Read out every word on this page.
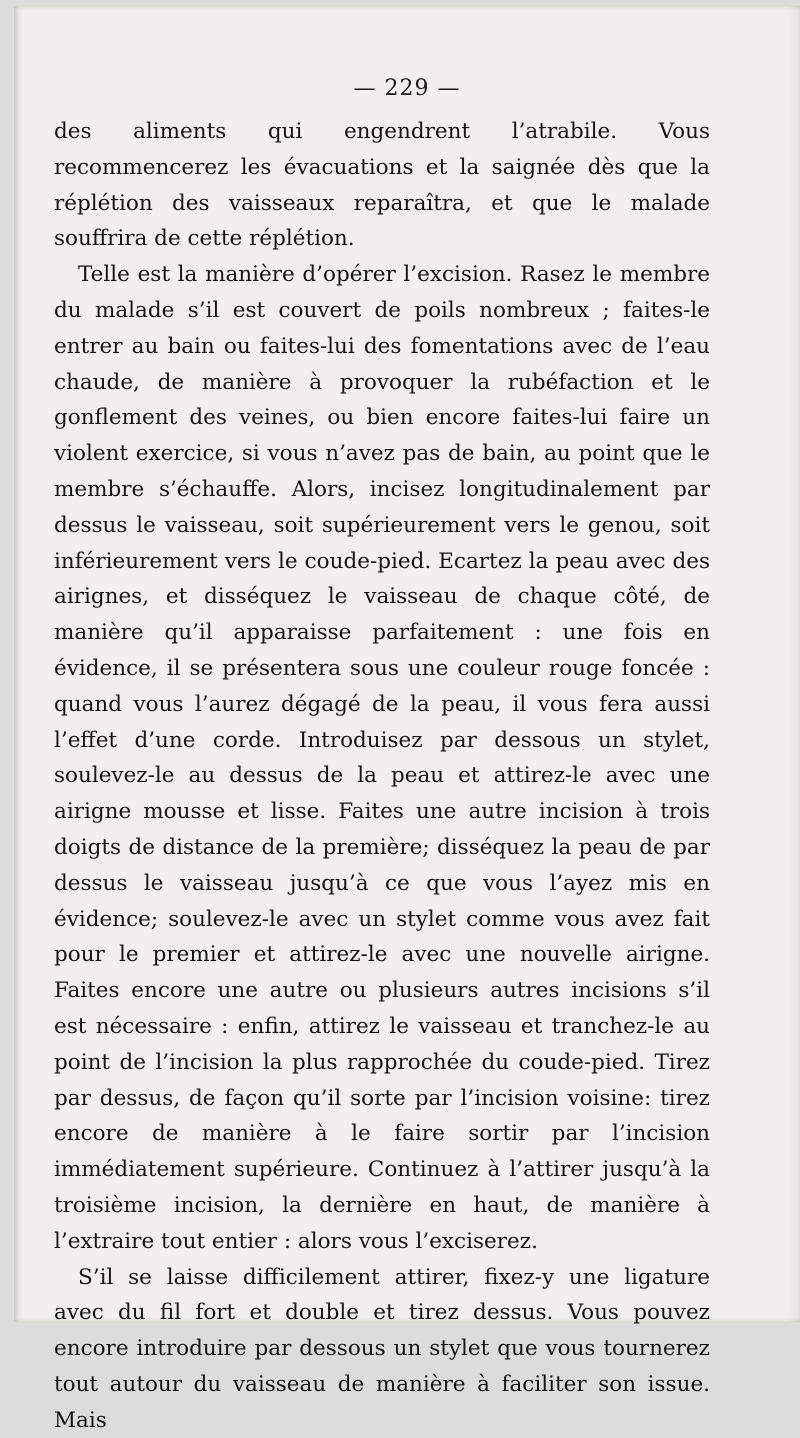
— 229 —

des aliments qui engendrent l’atrabile. Vous recommencerez les évacuations et la saignée dès que la réplétion des vaisseaux reparaîtra, et que le malade souffrira de cette réplétion.

Telle est la manière d’opérer l’excision. Rasez le membre du malade s’il est couvert de poils nombreux ; faites-le entrer au bain ou faites-lui des fomentations avec de l’eau chaude, de manière à provoquer la rubéfaction et le gonflement des veines, ou bien encore faites-lui faire un violent exercice, si vous n’avez pas de bain, au point que le membre s’échauffe. Alors, incisez longitudinalement par dessus le vaisseau, soit supérieurement vers le genou, soit inférieurement vers le coude-pied. Ecartez la peau avec des airignes, et disséquez le vaisseau de chaque côté, de manière qu’il apparaisse parfaitement : une fois en évidence, il se présentera sous une couleur rouge foncée : quand vous l’aurez dégagé de la peau, il vous fera aussi l’effet d’une corde. Introduisez par dessous un stylet, soulevez-le au dessus de la peau et attirez-le avec une airigne mousse et lisse. Faites une autre incision à trois doigts de distance de la première; disséquez la peau de par dessus le vaisseau jusqu’à ce que vous l’ayez mis en évidence; soulevez-le avec un stylet comme vous avez fait pour le premier et attirez-le avec une nouvelle airigne. Faites encore une autre ou plusieurs autres incisions s’il est nécessaire : enfin, attirez le vaisseau et tranchez-le au point de l’incision la plus rapprochée du coude-pied. Tirez par dessus, de façon qu’il sorte par l’incision voisine: tirez encore de manière à le faire sortir par l’incision immédiatement supérieure. Continuez à l’attirer jusqu’à la troisième incision, la dernière en haut, de manière à l’extraire tout entier : alors vous l’exciserez.

S’il se laisse difficilement attirer, fixez-y une ligature avec du fil fort et double et tirez dessus. Vous pouvez encore introduire par dessous un stylet que vous tournerez tout autour du vaisseau de manière à faciliter son issue. Mais
